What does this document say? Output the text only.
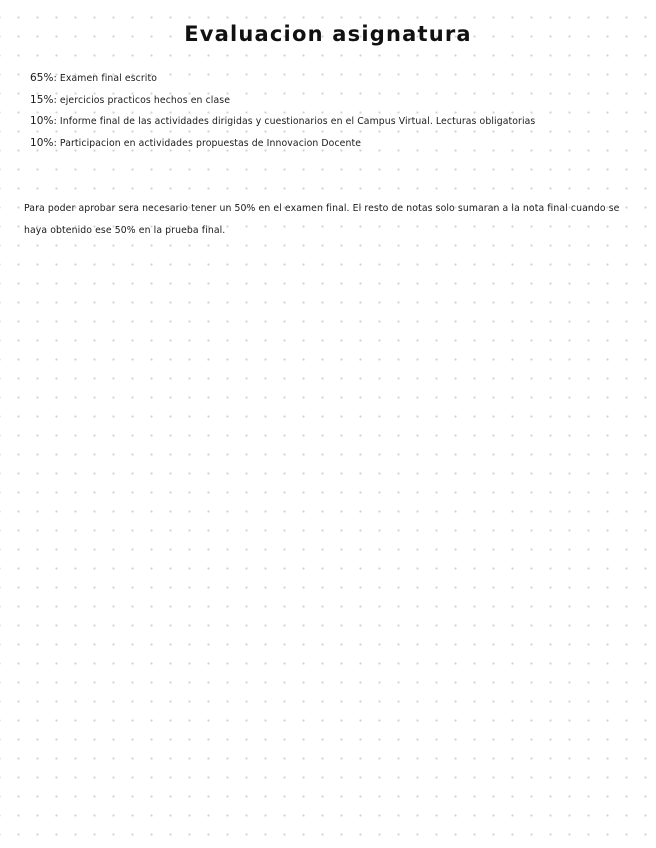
Evaluacion asignatura
65%: Examen final escrito
15%: ejercicios practicos hechos en clase
10%: Informe final de las actividades dirigidas y cuestionarios en el Campus Virtual. Lecturas obligatorias
10%: Participacion en actividades propuestas de Innovacion Docente

Para poder aprobar sera necesario tener un 50% en el examen final. El resto de notas solo sumaran a la nota final cuando se haya obtenido ese 50% en la prueba final.
